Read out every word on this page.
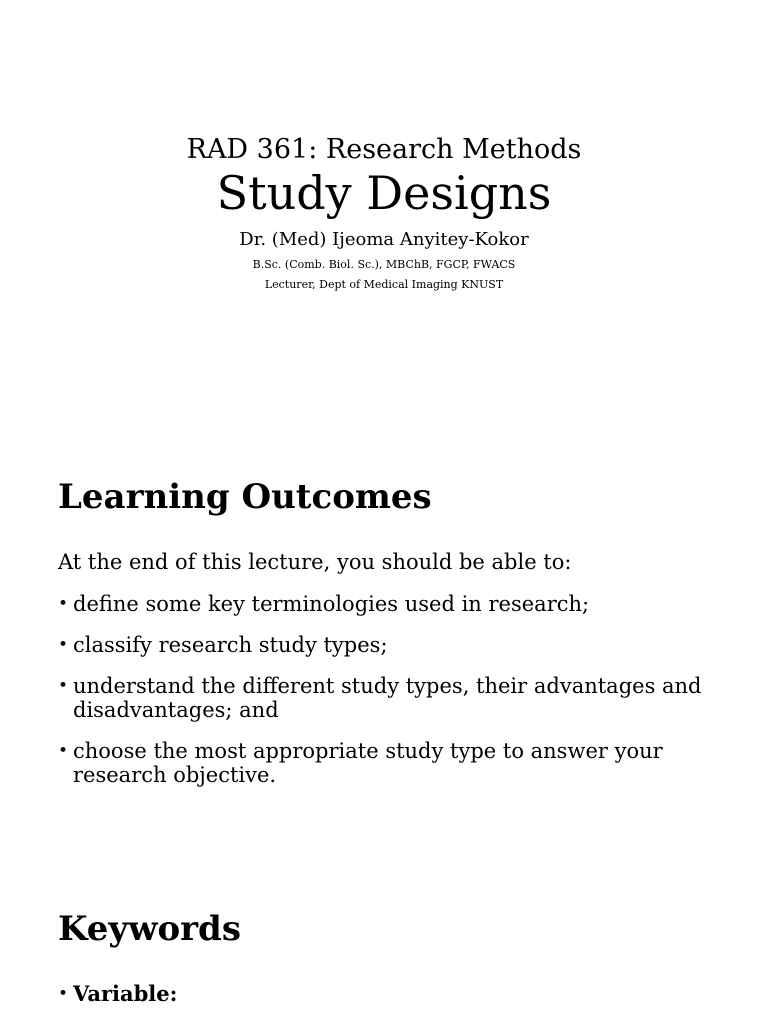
RAD 361: Research Methods
Study Designs
Dr. (Med) Ijeoma Anyitey-Kokor
B.Sc. (Comb. Biol. Sc.), MBChB, FGCP, FWACS
Lecturer, Dept of Medical Imaging KNUST
Learning Outcomes
At the end of this lecture, you should be able to:
• define some key terminologies used in research;
• classify research study types;
• understand the different study types, their advantages and disadvantages; and
• choose the most appropriate study type to answer your research objective.
Keywords
• Variable:
